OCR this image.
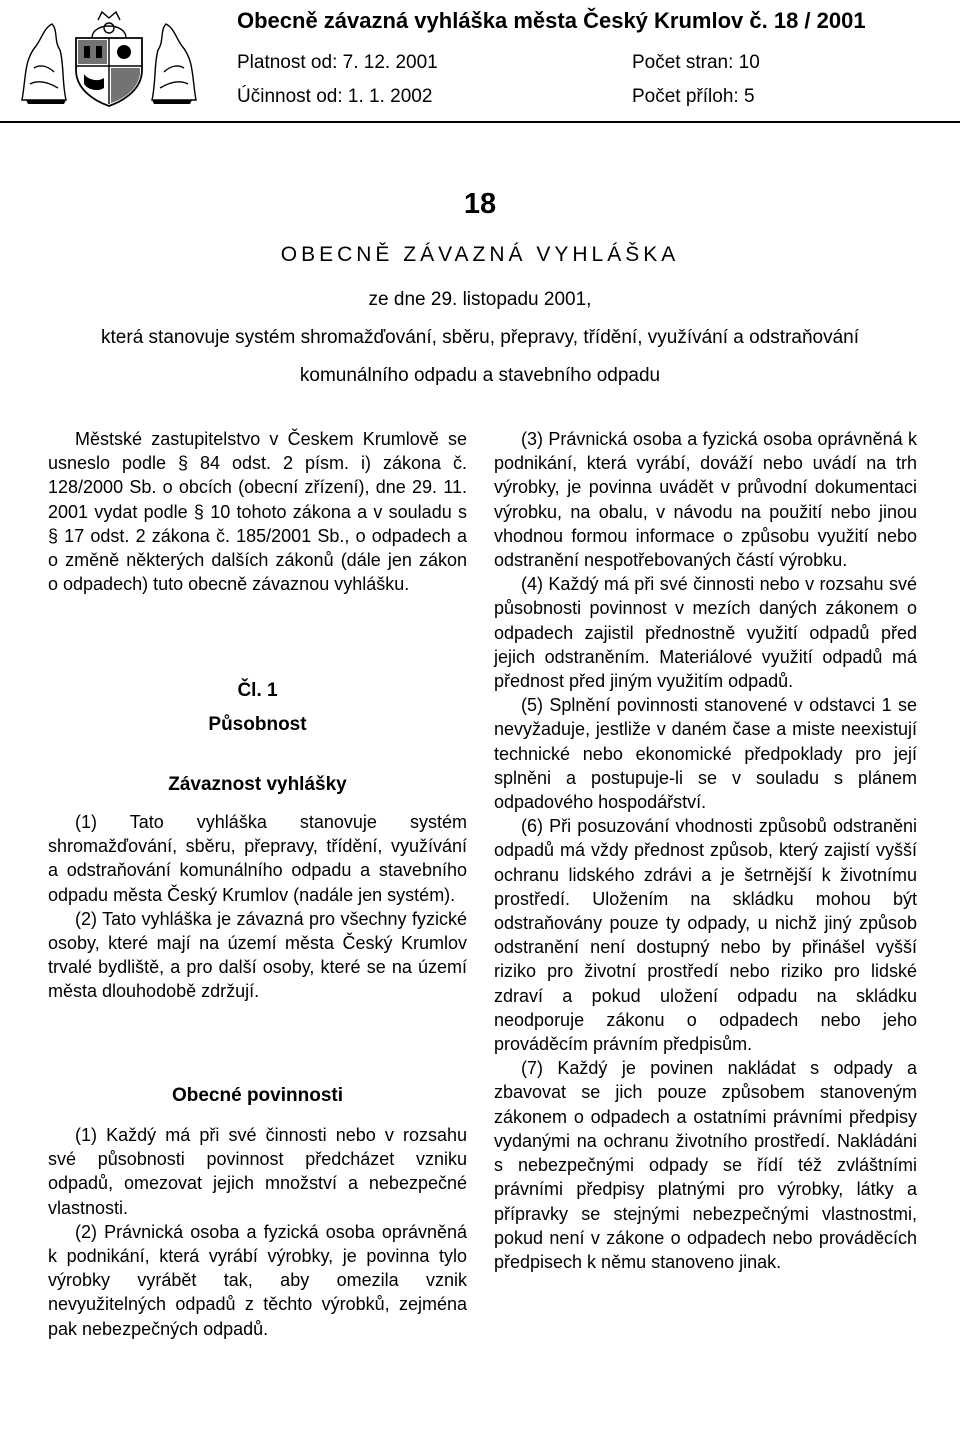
Obecně závazná vyhláška města Český Krumlov č. 18 / 2001
Platnost od: 7. 12. 2001	Počet stran: 10
Účinnost od: 1. 1. 2002	Počet příloh: 5
18
OBECNĚ ZÁVAZNÁ VYHLÁŠKA
ze dne 29. listopadu 2001,
která stanovuje systém shromažďování, sběru, přepravy, třídění, využívání a odstraňování
komunálního odpadu a stavebního odpadu

Městské zastupitelstvo v Českem Krumlově se usneslo podle § 84 odst. 2 písm. i) zákona č. 128/2000 Sb. o obcích (obecní zřízení), dne 29. 11. 2001 vydat podle § 10 tohoto zákona a v souladu s § 17 odst. 2 zákona č. 185/2001 Sb., o odpadech a o změně některých dalších zákonů (dále jen zákon o odpadech) tuto obecně závaznou vyhlášku.

Čl. 1
Působnost
Závaznost vyhlášky

(1) Tato vyhláška stanovuje systém shromažďování, sběru, přepravy, třídění, využívání a odstraňování komunálního odpadu a stavebního odpadu města Český Krumlov (nadále jen systém).

(2) Tato vyhláška je závazná pro všechny fyzické osoby, které mají na území města Český Krumlov trvalé bydliště, a pro další osoby, které se na území města dlouhodobě zdržují.

Obecné povinnosti

(1) Každý má při své činnosti nebo v rozsahu své působnosti povinnost předcházet vzniku odpadů, omezovat jejich množství a nebezpečné vlastnosti.

(2) Právnická osoba a fyzická osoba oprávněná k podnikání, která vyrábí výrobky, je povinna tylo výrobky vyrábět tak, aby omezila vznik nevyužitelných odpadů z těchto výrobků, zejména pak nebezpečných odpadů.

(3) Právnická osoba a fyzická osoba oprávněná k podnikání, která vyrábí, dováží nebo uvádí na trh výrobky, je povinna uvádět v průvodní dokumentaci výrobku, na obalu, v návodu na použití nebo jinou vhodnou formou informace o způsobu využití nebo odstranění nespotřebovaných částí výrobku.

(4) Každý má při své činnosti nebo v rozsahu své působnosti povinnost v mezích daných zákonem o odpadech zajistil přednostně využití odpadů před jejich odstraněním. Materiálové využití odpadů má přednost před jiným využitím odpadů.

(5) Splnění povinnosti stanovené v odstavci 1 se nevyžaduje, jestliže v daném čase a miste neexistují technické nebo ekonomické předpoklady pro její splněni a postupuje-li se v souladu s plánem odpadového hospodářství.

(6) Při posuzování vhodnosti způsobů odstraněni odpadů má vždy přednost způsob, který zajistí vyšší ochranu lidského zdrávi a je šetrnější k životnímu prostředí. Uložením na skládku mohou být odstraňovány pouze ty odpady, u nichž jiný způsob odstranění není dostupný nebo by přinášel vyšší riziko pro životní prostředí nebo riziko pro lidské zdraví a pokud uložení odpadu na skládku neodporuje zákonu o odpadech nebo jeho prováděcím právním předpisům.

(7) Každý je povinen nakládat s odpady a zbavovat se jich pouze způsobem stanoveným zákonem o odpadech a ostatními právními předpisy vydanými na ochranu životního prostředí. Nakládáni s nebezpečnými odpady se řídí též zvláštními právními předpisy platnými pro výrobky, látky a přípravky se stejnými nebezpečnými vlastnostmi, pokud není v zákone o odpadech nebo prováděcích předpisech k němu stanoveno jinak.
